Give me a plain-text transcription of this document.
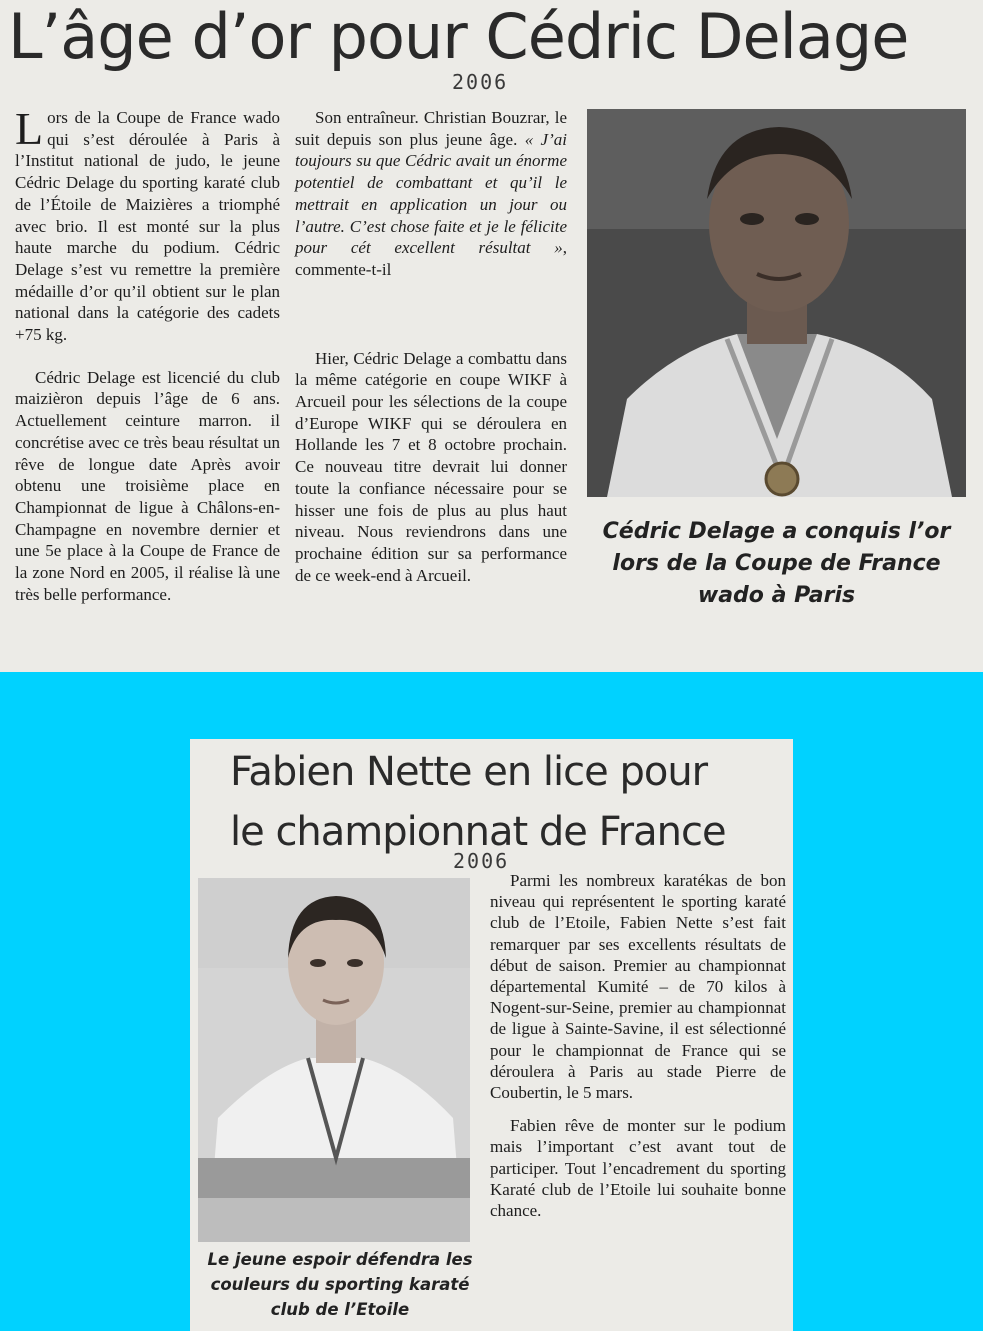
L’âge d’or pour Cédric Delage
2006

Lors de la Coupe de France wado qui s’est déroulée à Paris à l’Institut national de judo, le jeune Cédric Delage du sporting karaté club de l’Étoile de Maizières a triomphé avec brio. Il est monté sur la plus haute marche du podium. Cédric Delage s’est vu remettre la première médaille d’or qu’il obtient sur le plan national dans la catégorie des cadets +75 kg.

Cédric Delage est licencié du club maizièron depuis l’âge de 6 ans. Actuellement ceinture marron. il concrétise avec ce très beau résultat un rêve de longue date Après avoir obtenu une troisième place en Championnat de ligue à Châlons-en-Champagne en novembre dernier et une 5e place à la Coupe de France de la zone Nord en 2005, il réalise là une très belle performance.

Son entraîneur. Christian Bouzrar, le suit depuis son plus jeune âge. « J’ai toujours su que Cédric avait un énorme potentiel de combattant et qu’il le mettrait en application un jour ou l’autre. C’est chose faite et je le félicite pour cét excellent résultat », commente-t-il

Hier, Cédric Delage a combattu dans la même catégorie en coupe WIKF à Arcueil pour les sélections de la coupe d’Europe WIKF qui se déroulera en Hollande les 7 et 8 octobre prochain. Ce nouveau titre devrait lui donner toute la confiance nécessaire pour se hisser une fois de plus au plus haut niveau. Nous reviendrons dans une prochaine édition sur sa performance de ce week-end à Arcueil.

Cédric Delage a conquis l’or lors de la Coupe de France wado à Paris
Fabien Nette en lice pour
le championnat de France
2006

Parmi les nombreux karatékas de bon niveau qui représentent le sporting karaté club de l’Etoile, Fabien Nette s’est fait remarquer par ses excellents résultats de début de saison. Premier au championnat départemental Kumité – de 70 kilos à Nogent-sur-Seine, premier au championnat de ligue à Sainte-Savine, il est sélectionné pour le championnat de France qui se déroulera à Paris au stade Pierre de Coubertin, le 5 mars.

Fabien rêve de monter sur le podium mais l’important c’est avant tout de participer. Tout l’encadrement du sporting Karaté club de l’Etoile lui souhaite bonne chance.

Le jeune espoir défendra les couleurs du sporting karaté club de l’Etoile
